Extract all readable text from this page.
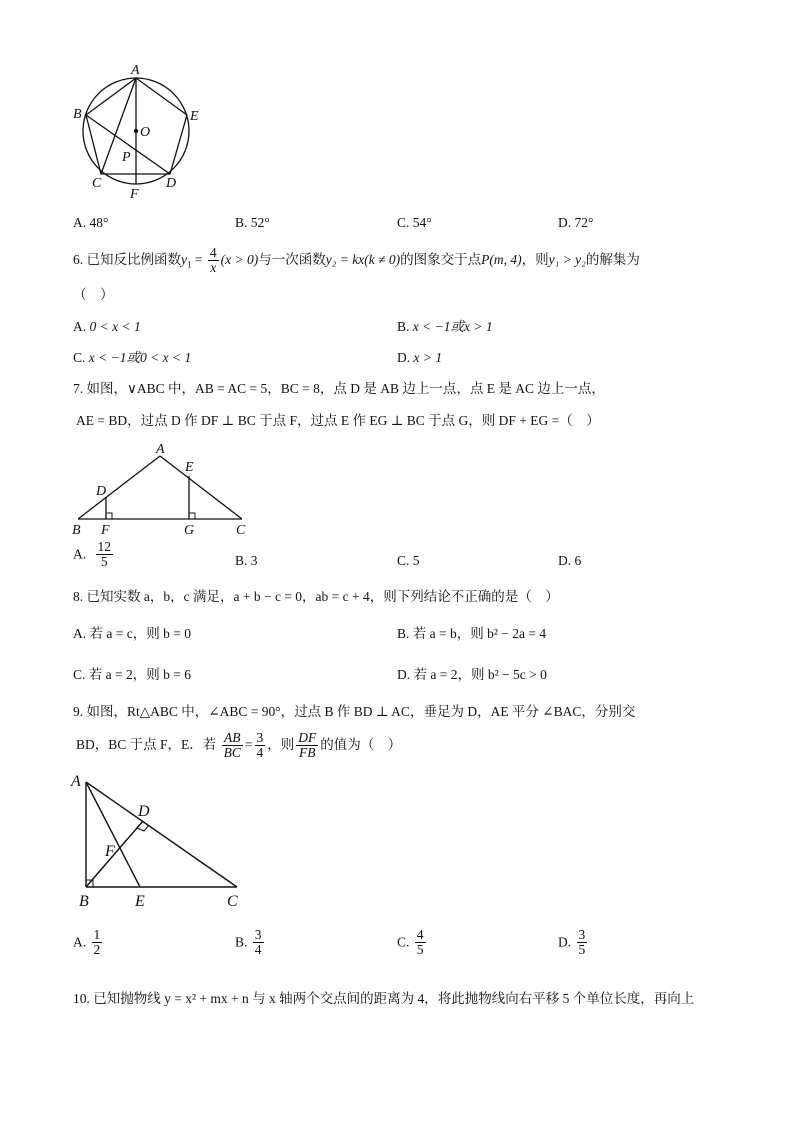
A
B	E
O
P
C	D
F
A. 48°	B. 52°	C. 54°	D. 72°
6. 已知反比例函数$y_1 = \frac{4}{x} (x > 0)$与一次函数y₂ = kx(k ≠ 0)的图象交于点P(m, 4)，则y₁ > y₂的解集为
（　）
A. 0 < x < 1	B. x < −1或x > 1
C. x < −1或0 < x < 1	D. x > 1
7. 如图，∨ABC 中，AB = AC = 5，BC = 8，点 D 是 AB 边上一点，点 E 是 AC 边上一点，
AE = BD，过点 D 作 DF ⊥ BC 于点 F，过点 E 作 EG ⊥ BC 于点 G，则 DF + EG =（　）
A
E
D
B F	G	C
A. $\frac{12}{5}$	B. 3	C. 5	D. 6
8. 已知实数 a，b，c 满足，a + b − c = 0，ab = c + 4，则下列结论不正确的是（　）
A. 若 a = c，则 b = 0	B. 若 a = b，则 b² − 2a = 4
C. 若 a = 2，则 b = 6	D. 若 a = 2，则 b² − 5c > 0
9. 如图，Rt△ABC 中，∠ABC = 90°，过点 B 作 BD ⊥ AC，垂足为 D，AE 平分 ∠BAC，分别交
BD，BC 于点 F，E．若 $\frac{AB}{BC} = \frac{3}{4}$ ，则 $\frac{DF}{FB}$ 的值为（　）
A
D
F
B	E	C
A. $\frac{1}{2}$	B. $\frac{3}{4}$	C. $\frac{4}{5}$	D. $\frac{3}{5}$
10. 已知抛物线 y = x² + mx + n 与 x 轴两个交点间的距离为 4，将此抛物线向右平移 5 个单位长度，再向上
